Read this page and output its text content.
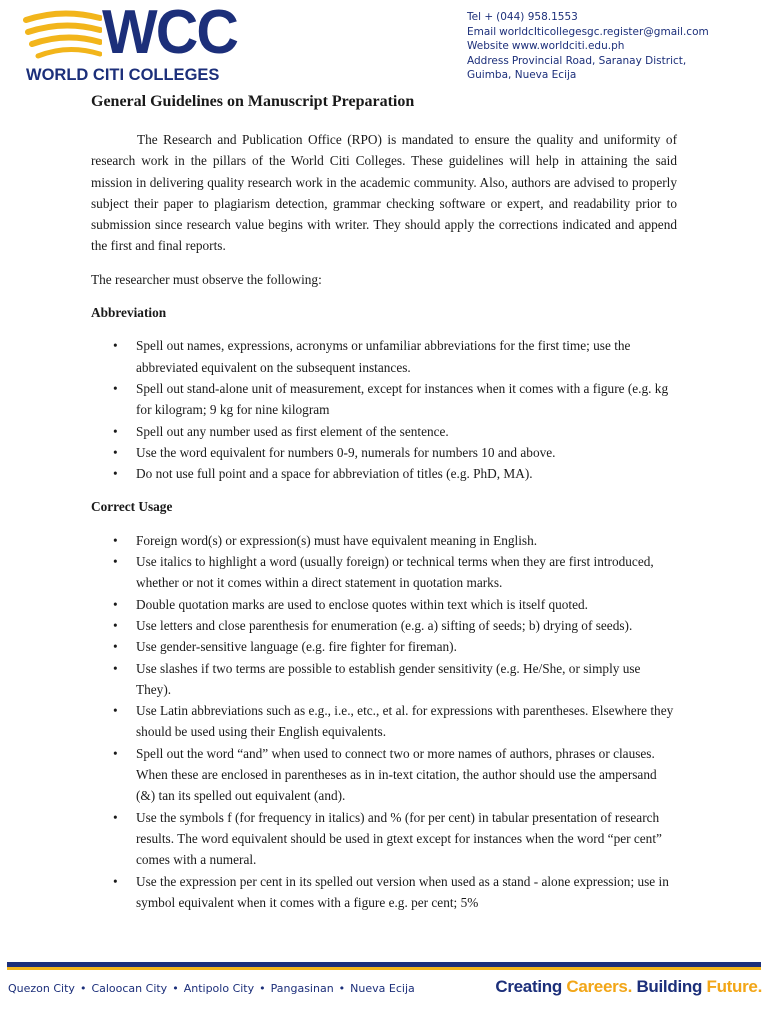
WCC
WORLD CITI COLLEGES
Tel + (044) 958.1553
Email worldcIticollegesgc.register@gmail.com
Website www.worldciti.edu.ph
Address Provincial Road, Saranay District,
Guimba, Nueva Ecija
General Guidelines on Manuscript Preparation

The Research and Publication Office (RPO) is mandated to ensure the quality and uniformity of research work in the pillars of the World Citi Colleges. These guidelines will help in attaining the said mission in delivering quality research work in the academic community. Also, authors are advised to properly subject their paper to plagiarism detection, grammar checking software or expert, and readability prior to submission since research value begins with writer. They should apply the corrections indicated and append the first and final reports.

The researcher must observe the following:

Abbreviation

• Spell out names, expressions, acronyms or unfamiliar abbreviations for the first time; use the abbreviated equivalent on the subsequent instances.
• Spell out stand-alone unit of measurement, except for instances when it comes with a figure (e.g. kg for kilogram; 9 kg for nine kilogram
• Spell out any number used as first element of the sentence.
• Use the word equivalent for numbers 0-9, numerals for numbers 10 and above.
• Do not use full point and a space for abbreviation of titles (e.g. PhD, MA).

Correct Usage

• Foreign word(s) or expression(s) must have equivalent meaning in English.
• Use italics to highlight a word (usually foreign) or technical terms when they are first introduced, whether or not it comes within a direct statement in quotation marks.
• Double quotation marks are used to enclose quotes within text which is itself quoted.
• Use letters and close parenthesis for enumeration (e.g. a) sifting of seeds; b) drying of seeds).
• Use gender-sensitive language (e.g. fire fighter for fireman).
• Use slashes if two terms are possible to establish gender sensitivity (e.g. He/She, or simply use They).
• Use Latin abbreviations such as e.g., i.e., etc., et al. for expressions with parentheses. Elsewhere they should be used using their English equivalents.
• Spell out the word “and” when used to connect two or more names of authors, phrases or clauses. When these are enclosed in parentheses as in in-text citation, the author should use the ampersand (&) tan its spelled out equivalent (and).
• Use the symbols f (for frequency in italics) and % (for per cent) in tabular presentation of research results. The word equivalent should be used in gtext except for instances when the word “per cent” comes with a numeral.
• Use the expression per cent in its spelled out version when used as a stand - alone expression; use in symbol equivalent when it comes with a figure e.g. per cent; 5%
Quezon City • Caloocan City • Antipolo City • Pangasinan • Nueva Ecija	Creating Careers. Building Future.
